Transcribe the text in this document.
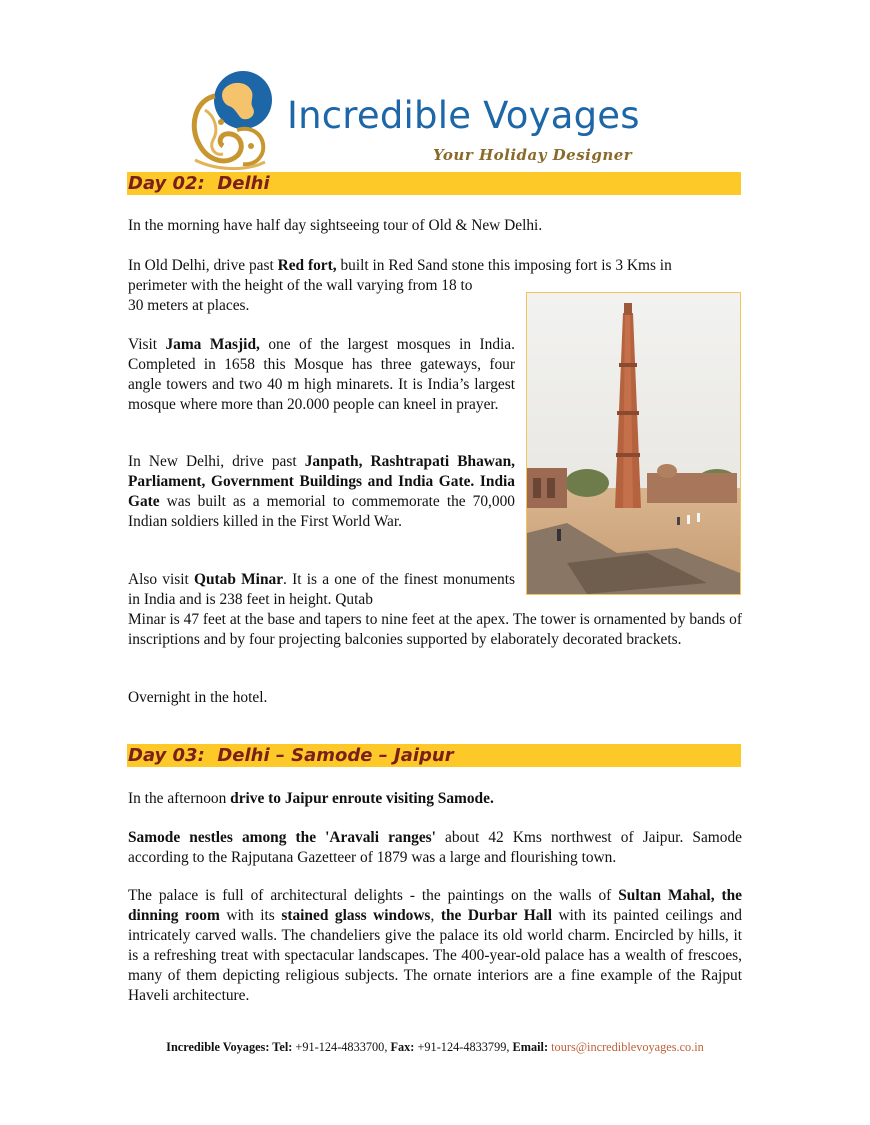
Incredible Voyages
Your Holiday Designer
Day 02:  Delhi

In the morning have half day sightseeing tour of Old & New Delhi.

In Old Delhi, drive past Red fort, built in Red Sand stone this imposing fort is 3 Kms in

perimeter with the height of the wall varying from 18 to

30 meters at places.

Visit Jama Masjid, one of the largest mosques in India. Completed in 1658 this Mosque has three gateways, four angle towers and two 40 m high minarets. It is India’s largest mosque where more than 20.000 people can kneel in prayer.

In New Delhi, drive past Janpath, Rashtrapati Bhawan, Parliament, Government Buildings and India Gate. India Gate was built as a memorial to commemorate the 70,000 Indian soldiers killed in the First World War.

Also visit Qutab Minar. It is a one of the finest monuments in India and is 238 feet in height. Qutab

Minar is 47 feet at the base and tapers to nine feet at the apex. The tower is ornamented by bands of inscriptions and by four projecting balconies supported by elaborately decorated brackets.

Overnight in the hotel.

Day 03:  Delhi – Samode – Jaipur

In the afternoon drive to Jaipur enroute visiting Samode.

Samode nestles among the 'Aravali ranges' about 42 Kms northwest of Jaipur. Samode according to the Rajputana Gazetteer of 1879 was a large and flourishing town.

The palace is full of architectural delights - the paintings on the walls of Sultan Mahal, the dinning room with its stained glass windows, the Durbar Hall with its painted ceilings and intricately carved walls. The chandeliers give the palace its old world charm. Encircled by hills, it is a refreshing treat with spectacular landscapes. The 400-year-old palace has a wealth of frescoes, many of them depicting religious subjects. The ornate interiors are a fine example of the Rajput Haveli architecture.

Incredible Voyages: Tel: +91-124-4833700, Fax: +91-124-4833799, Email: tours@incrediblevoyages.co.in
